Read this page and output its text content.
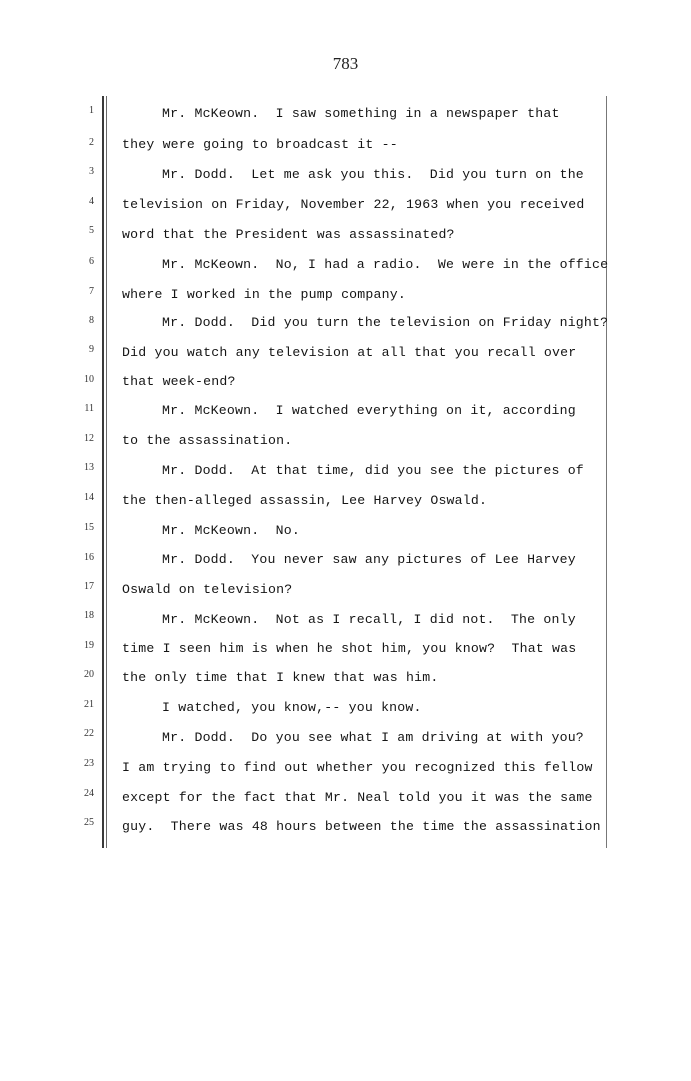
783
1
2
3
4
5
6
7
8
9
10
11
12
13
14
15
16
17
18
19
20
21
22
23
24
25
Mr. McKeown.  I saw something in a newspaper that
they were going to broadcast it --
Mr. Dodd.  Let me ask you this.  Did you turn on the
television on Friday, November 22, 1963 when you received
word that the President was assassinated?
Mr. McKeown.  No, I had a radio.  We were in the office
where I worked in the pump company.
Mr. Dodd.  Did you turn the television on Friday night?
Did you watch any television at all that you recall over
that week-end?
Mr. McKeown.  I watched everything on it, according
to the assassination.
Mr. Dodd.  At that time, did you see the pictures of
the then-alleged assassin, Lee Harvey Oswald.
Mr. McKeown.  No.
Mr. Dodd.  You never saw any pictures of Lee Harvey
Oswald on television?
Mr. McKeown.  Not as I recall, I did not.  The only
time I seen him is when he shot him, you know?  That was
the only time that I knew that was him.
I watched, you know,-- you know.
Mr. Dodd.  Do you see what I am driving at with you?
I am trying to find out whether you recognized this fellow
except for the fact that Mr. Neal told you it was the same
guy.  There was 48 hours between the time the assassination
